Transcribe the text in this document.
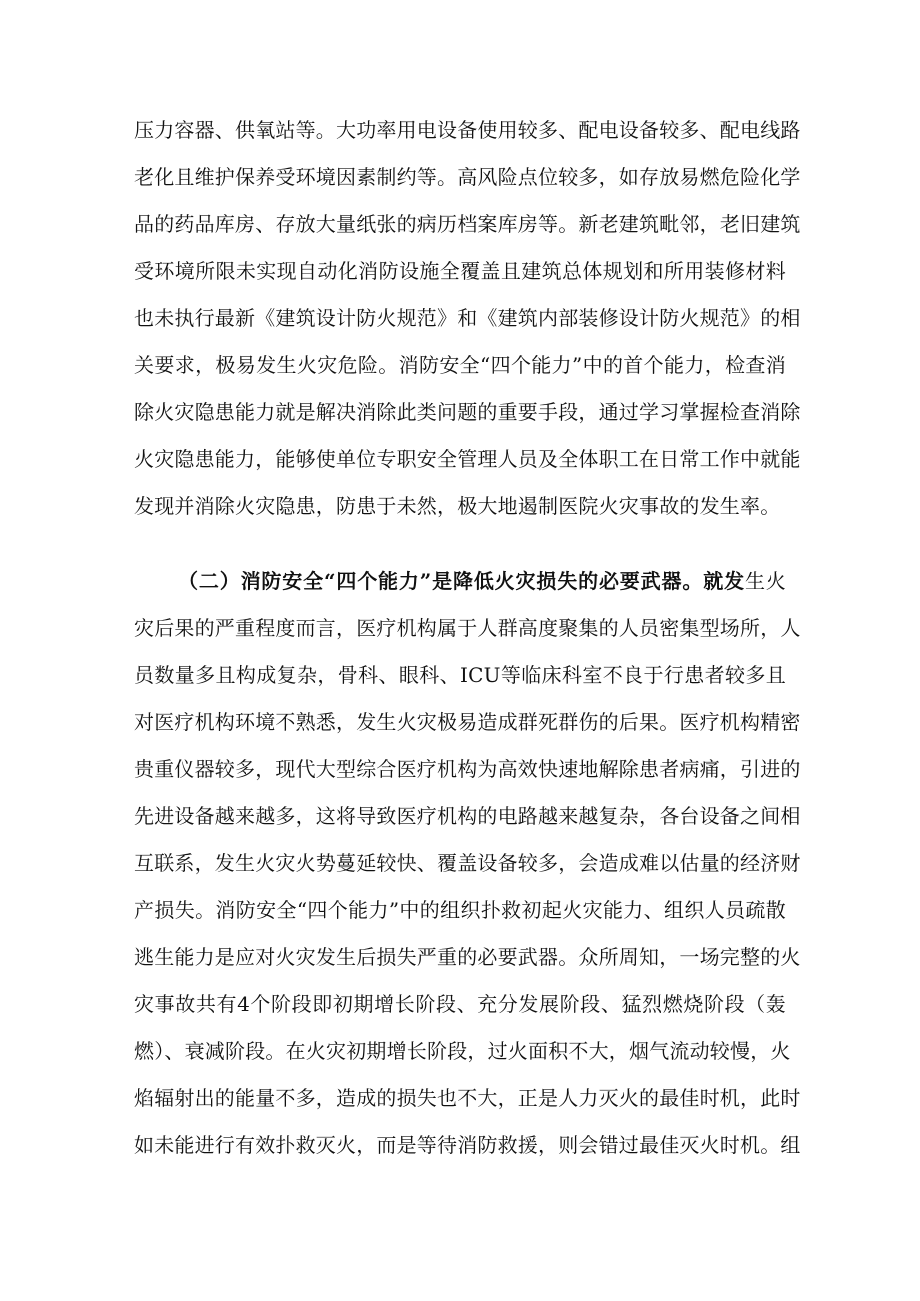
压力容器、供氧站等。大功率用电设备使用较多、配电设备较多、配电线路
老化且维护保养受环境因素制约等。高风险点位较多，如存放易燃危险化学
品的药品库房、存放大量纸张的病历档案库房等。新老建筑毗邻，老旧建筑
受环境所限未实现自动化消防设施全覆盖且建筑总体规划和所用装修材料
也未执行最新《建筑设计防火规范》和《建筑内部装修设计防火规范》的相
关要求，极易发生火灾危险。消防安全“四个能力”中的首个能力，检查消
除火灾隐患能力就是解决消除此类问题的重要手段，通过学习掌握检查消除
火灾隐患能力，能够使单位专职安全管理人员及全体职工在日常工作中就能
发现并消除火灾隐患，防患于未然，极大地遏制医院火灾事故的发生率。
（二）消防安全“四个能力”是降低火灾损失的必要武器。就发生火
灾后果的严重程度而言，医疗机构属于人群高度聚集的人员密集型场所，人
员数量多且构成复杂，骨科、眼科、ICU等临床科室不良于行患者较多且
对医疗机构环境不熟悉，发生火灾极易造成群死群伤的后果。医疗机构精密
贵重仪器较多，现代大型综合医疗机构为高效快速地解除患者病痛，引进的
先进设备越来越多，这将导致医疗机构的电路越来越复杂，各台设备之间相
互联系，发生火灾火势蔓延较快、覆盖设备较多，会造成难以估量的经济财
产损失。消防安全“四个能力”中的组织扑救初起火灾能力、组织人员疏散
逃生能力是应对火灾发生后损失严重的必要武器。众所周知，一场完整的火
灾事故共有4个阶段即初期增长阶段、充分发展阶段、猛烈燃烧阶段（轰
燃）、衰减阶段。在火灾初期增长阶段，过火面积不大，烟气流动较慢，火
焰辐射出的能量不多，造成的损失也不大，正是人力灭火的最佳时机，此时
如未能进行有效扑救灭火，而是等待消防救援，则会错过最佳灭火时机。组
